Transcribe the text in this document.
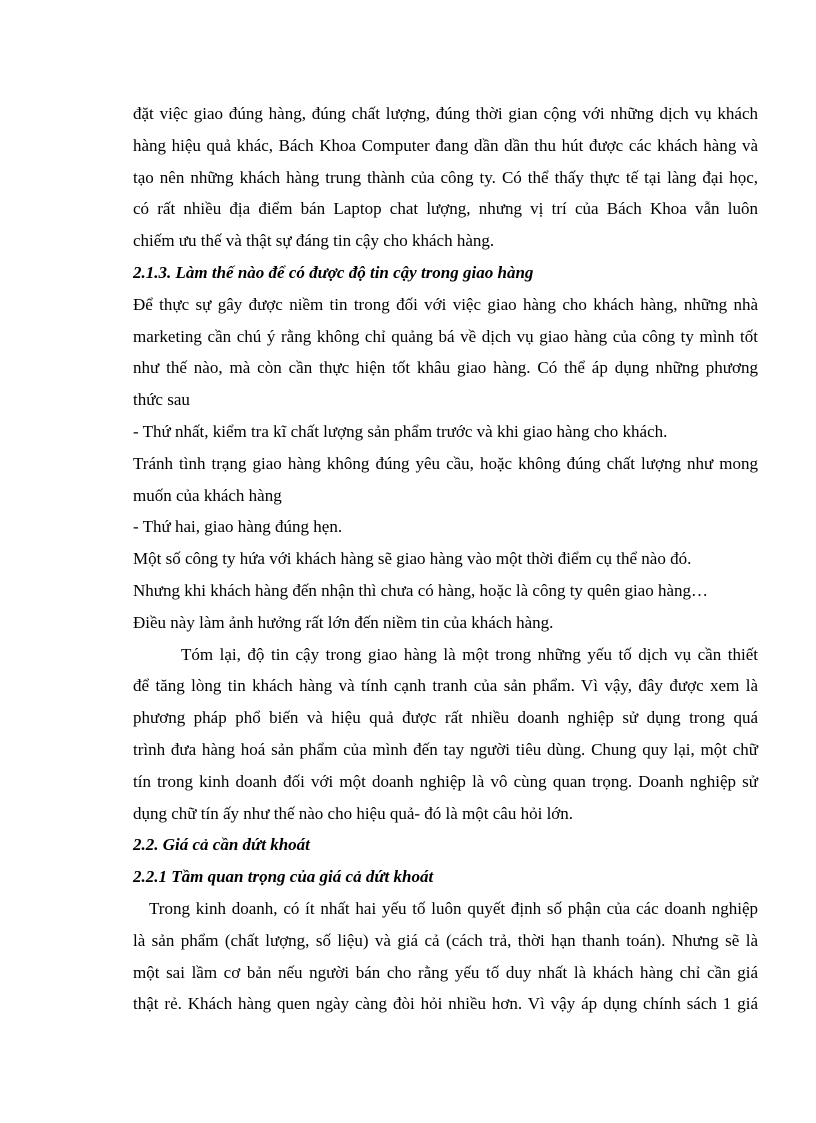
đặt việc giao đúng hàng, đúng chất lượng, đúng thời gian cộng với những dịch vụ khách
hàng hiệu quả khác, Bách Khoa Computer đang dần dần thu hút được các khách hàng và
tạo nên những khách hàng trung thành của công ty. Có thể thấy thực tế tại làng đại học,
có rất nhiều địa điểm bán Laptop chat lượng, nhưng vị trí của Bách Khoa vẫn luôn
chiếm ưu thế và thật sự đáng tin cậy cho khách hàng.
2.1.3. Làm thế nào để có được độ tin cậy trong giao hàng
Để thực sự gây được niềm tin trong đối với việc giao hàng cho khách hàng, những nhà
marketing cần chú ý rằng không chỉ quảng bá về dịch vụ giao hàng của công ty mình tốt
như thế nào, mà còn cần thực hiện tốt khâu giao hàng. Có thể áp dụng những phương
thức sau
- Thứ nhất, kiểm tra kĩ chất lượng sản phẩm trước và khi giao hàng cho khách.
Tránh tình trạng giao hàng không đúng yêu cầu, hoặc không đúng chất lượng như mong
muốn của khách hàng
- Thứ hai, giao hàng đúng hẹn.
Một số công ty hứa với khách hàng sẽ giao hàng vào một thời điểm cụ thể nào đó.
Nhưng khi khách hàng đến nhận thì chưa có hàng, hoặc là công ty quên giao hàng…
Điều này làm ảnh hưởng rất lớn đến niềm tin của khách hàng.
Tóm lại, độ tin cậy trong giao hàng là một trong những yếu tố dịch vụ cần thiết
để tăng lòng tin khách hàng và tính cạnh tranh của sản phẩm. Vì vậy, đây được xem là
phương pháp phổ biến và hiệu quả được rất nhiều doanh nghiệp sử dụng trong quá
trình đưa hàng hoá sản phẩm của mình đến tay người tiêu dùng. Chung quy lại, một chữ
tín trong kinh doanh đối với một doanh nghiệp là vô cùng quan trọng. Doanh nghiệp sử
dụng chữ tín ấy như thế nào cho hiệu quả- đó là một câu hỏi lớn.
2.2. Giá cả cần dứt khoát
2.2.1 Tầm quan trọng của giá cả dứt khoát
Trong kinh doanh, có ít nhất hai yếu tố luôn quyết định số phận của các doanh nghiệp
là sản phẩm (chất lượng, số liệu) và giá cả (cách trả, thời hạn thanh toán). Nhưng sẽ là
một sai lầm cơ bản nếu người bán cho rằng yếu tố duy nhất là khách hàng chỉ cần giá
thật rẻ. Khách hàng quen ngày càng đòi hỏi nhiều hơn. Vì vậy áp dụng chính sách 1 giá
